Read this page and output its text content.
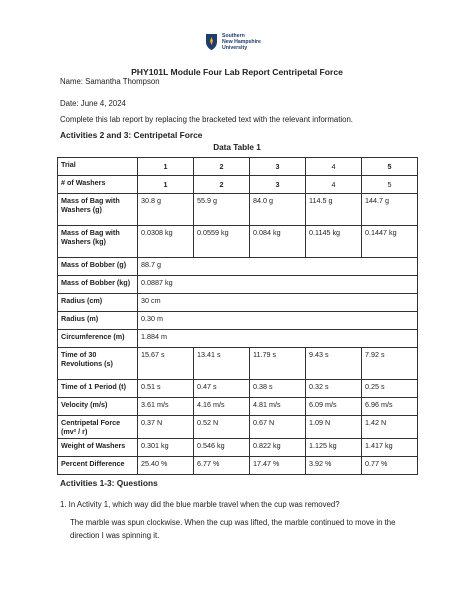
Southern
New Hampshire
University
PHY101L Module Four Lab Report Centripetal Force
Name: Samantha Thompson
Date: June 4, 2024
Complete this lab report by replacing the bracketed text with the relevant information.
Activities 2 and 3: Centripetal Force
Data Table 1
Trial	1	2	3	4	5
# of Washers	1	2	3	4	5
Mass of Bag with Washers (g)	30.8 g	55.9 g	84.0 g	114.5 g	144.7 g
Mass of Bag with Washers (kg)	0.0308 kg	0.0559 kg	0.084 kg	0.1145 kg	0.1447 kg
Mass of Bobber (g)	88.7 g				
Mass of Bobber (kg)	0.0887 kg				
Radius (cm)	30 cm				
Radius (m)	0.30 m				
Circumference (m)	1.884 m				
Time of 30 Revolutions (s)	15.67 s	13.41 s	11.79 s	9.43 s	7.92 s
Time of 1 Period (t)	0.51 s	0.47 s	0.38 s	0.32 s	0.25 s
Velocity (m/s)	3.61 m/s	4.16 m/s	4.81 m/s	6.09 m/s	6.96 m/s
Centripetal Force (mv² / r)	0.37 N	0.52 N	0.67 N	1.09 N	1.42 N
Weight of Washers	0.301 kg	0.546 kg	0.822 kg	1.125 kg	1.417 kg
Percent Difference	25.40 %	6.77 %	17.47 %	3.92 %	0.77 %
Activities 1-3: Questions
1. In Activity 1, which way did the blue marble travel when the cup was removed?
The marble was spun clockwise. When the cup was lifted, the marble continued to move in the direction I was spinning it.
